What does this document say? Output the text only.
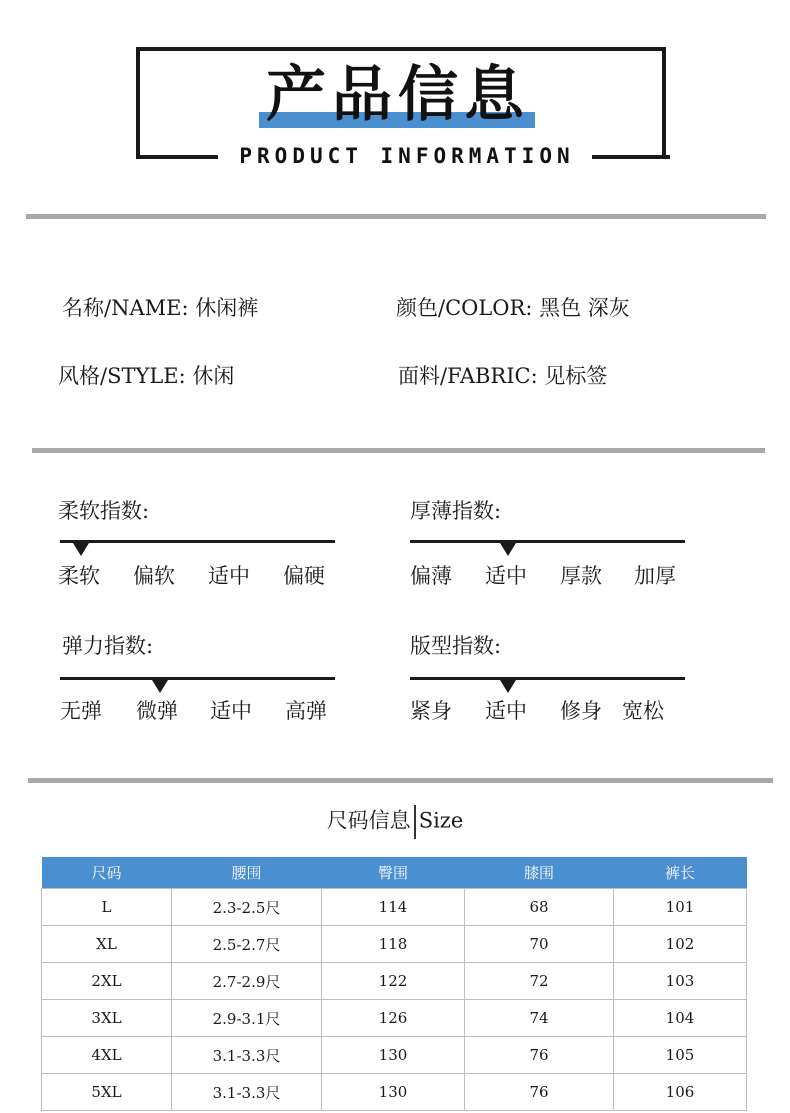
产品信息
PRODUCT INFORMATION
名称/NAME: 休闲裤	颜色/COLOR: 黑色 深灰
风格/STYLE: 休闲	面料/FABRIC: 见标签
柔软指数:
柔软 偏软 适中 偏硬
厚薄指数:
偏薄 适中 厚款 加厚
弹力指数:
无弹 微弹 适中 高弹
版型指数:
紧身 适中 修身 宽松
尺码信息 Size
尺码	腰围	臀围	膝围	裤长
L	2.3-2.5尺	114	68	101
XL	2.5-2.7尺	118	70	102
2XL	2.7-2.9尺	122	72	103
3XL	2.9-3.1尺	126	74	104
4XL	3.1-3.3尺	130	76	105
5XL	3.1-3.3尺	130	76	106
